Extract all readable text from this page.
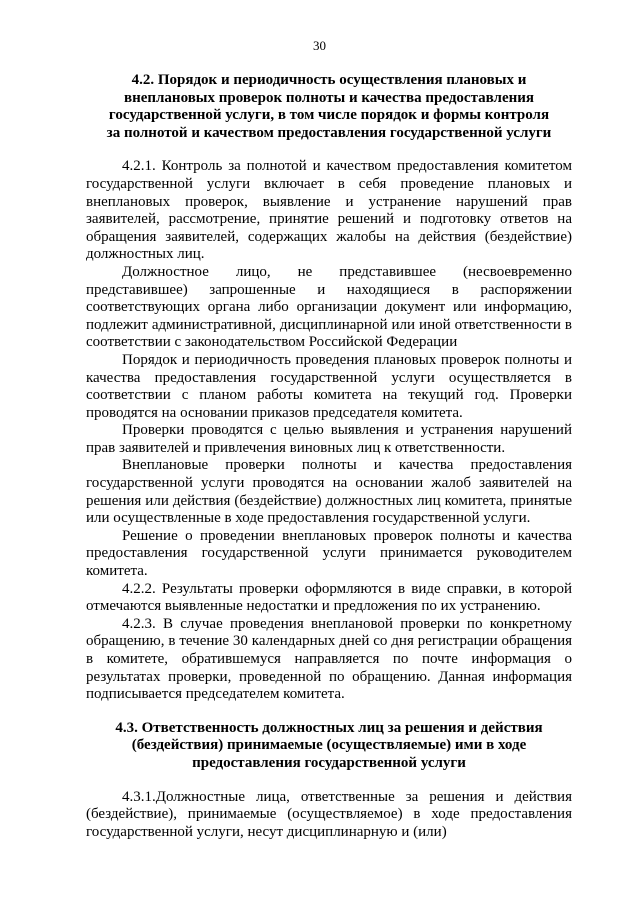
30
4.2. Порядок и периодичность осуществления плановых и
внеплановых проверок полноты и качества предоставления
государственной услуги, в том числе порядок и формы контроля
за полнотой и качеством предоставления государственной услуги

4.2.1. Контроль за полнотой и качеством предоставления комитетом государственной услуги включает в себя проведение плановых и внеплановых проверок, выявление и устранение нарушений прав заявителей, рассмотрение, принятие решений и подготовку ответов на обращения заявителей, содержащих жалобы на действия (бездействие) должностных лиц.

Должностное лицо, не представившее (несвоевременно представившее) запрошенные и находящиеся в распоряжении соответствующих органа либо организации документ или информацию, подлежит административной, дисциплинарной или иной ответственности в соответствии с законодательством Российской Федерации

Порядок и периодичность проведения плановых проверок полноты и качества предоставления государственной услуги осуществляется в соответствии с планом работы комитета на текущий год. Проверки проводятся на основании приказов председателя комитета.

Проверки проводятся с целью выявления и устранения нарушений прав заявителей и привлечения виновных лиц к ответственности.

Внеплановые проверки полноты и качества предоставления государственной услуги проводятся на основании жалоб заявителей на решения или действия (бездействие) должностных лиц комитета, принятые или осуществленные в ходе предоставления государственной услуги.

Решение о проведении внеплановых проверок полноты и качества предоставления государственной услуги принимается руководителем комитета.

4.2.2. Результаты проверки оформляются в виде справки, в которой отмечаются выявленные недостатки и предложения по их устранению.

4.2.3. В случае проведения внеплановой проверки по конкретному обращению, в течение 30 календарных дней со дня регистрации обращения в комитете, обратившемуся направляется по почте информация о результатах проверки, проведенной по обращению. Данная информация подписывается председателем комитета.

4.3. Ответственность должностных лиц за решения и действия
(бездействия) принимаемые (осуществляемые) ими в ходе
предоставления государственной услуги

4.3.1.Должностные лица, ответственные за решения и действия (бездействие), принимаемые (осуществляемое) в ходе предоставления государственной услуги, несут дисциплинарную и (или)
